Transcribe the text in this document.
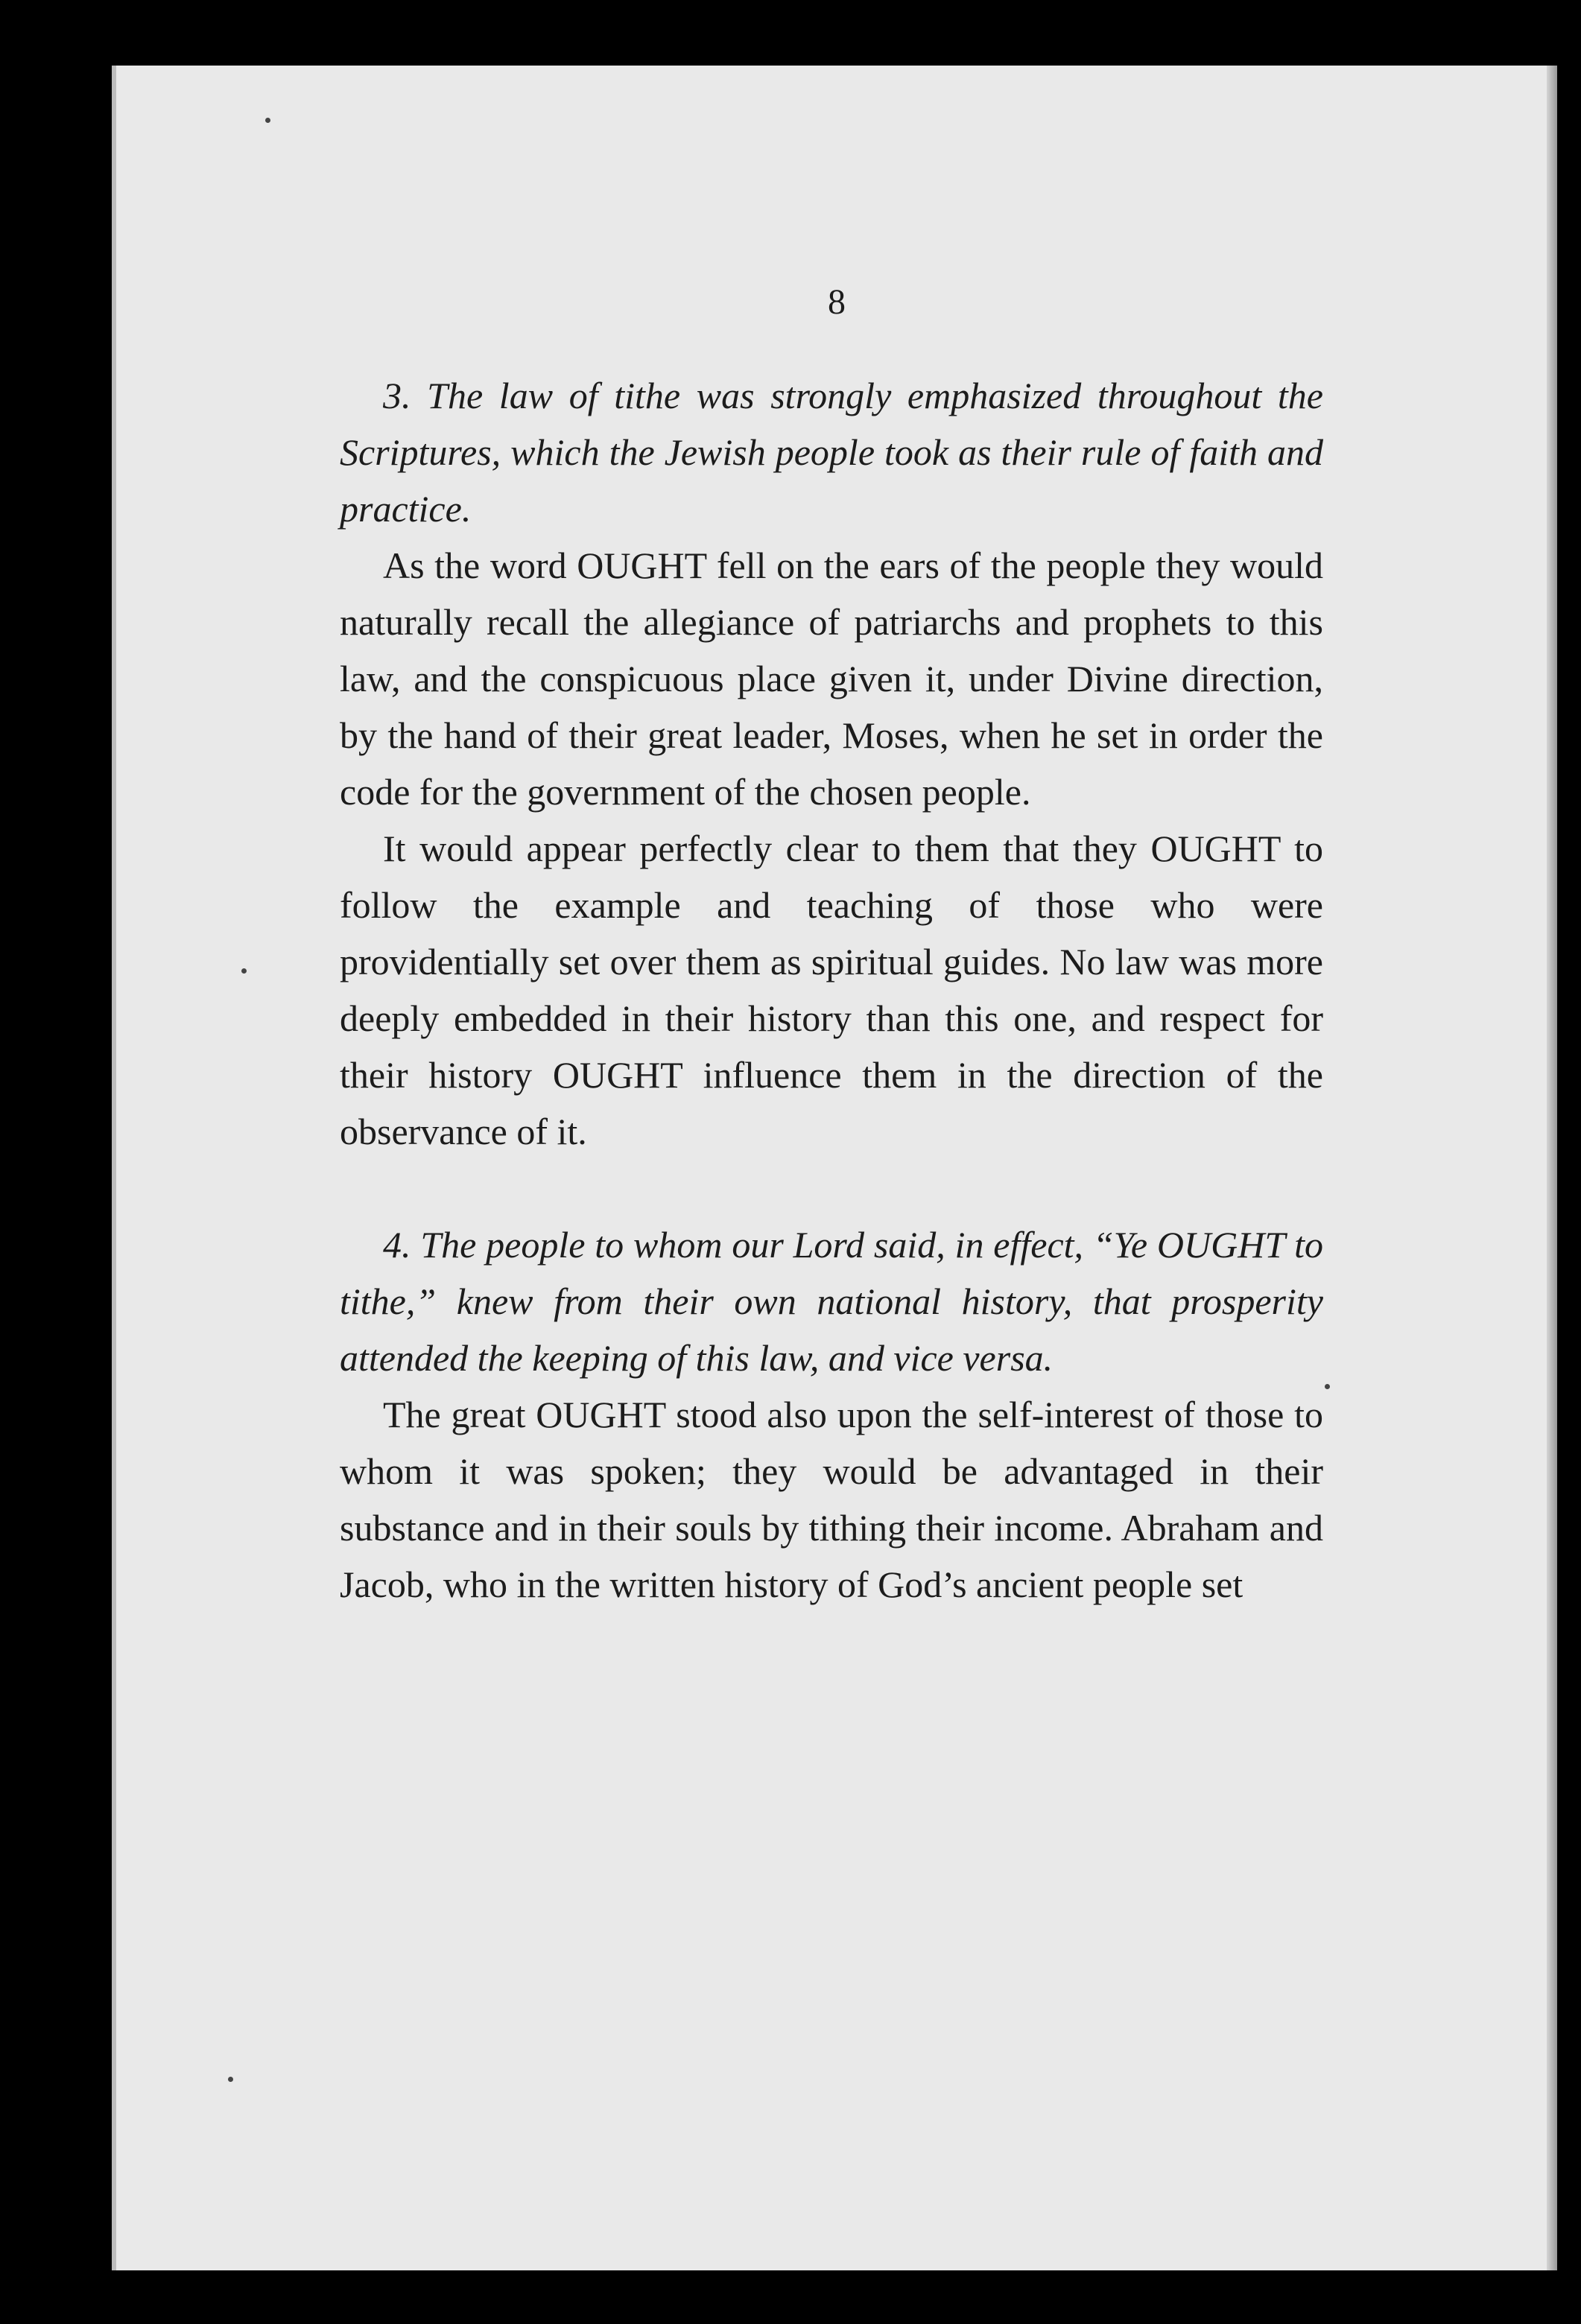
8

3. The law of tithe was strongly emphasized throughout the Scriptures, which the Jewish people took as their rule of faith and practice.

As the word OUGHT fell on the ears of the people they would naturally recall the allegiance of patriarchs and prophets to this law, and the conspicuous place given it, under Divine direction, by the hand of their great leader, Moses, when he set in order the code for the government of the chosen people.

It would appear perfectly clear to them that they OUGHT to follow the example and teaching of those who were providentially set over them as spiritual guides. No law was more deeply embedded in their history than this one, and respect for their history OUGHT influence them in the direction of the observance of it.

4. The people to whom our Lord said, in effect, “Ye OUGHT to tithe,” knew from their own national history, that prosperity attended the keeping of this law, and vice versa.

The great OUGHT stood also upon the self-interest of those to whom it was spoken; they would be advantaged in their substance and in their souls by tithing their income. Abraham and Jacob, who in the written history of God’s ancient people set
